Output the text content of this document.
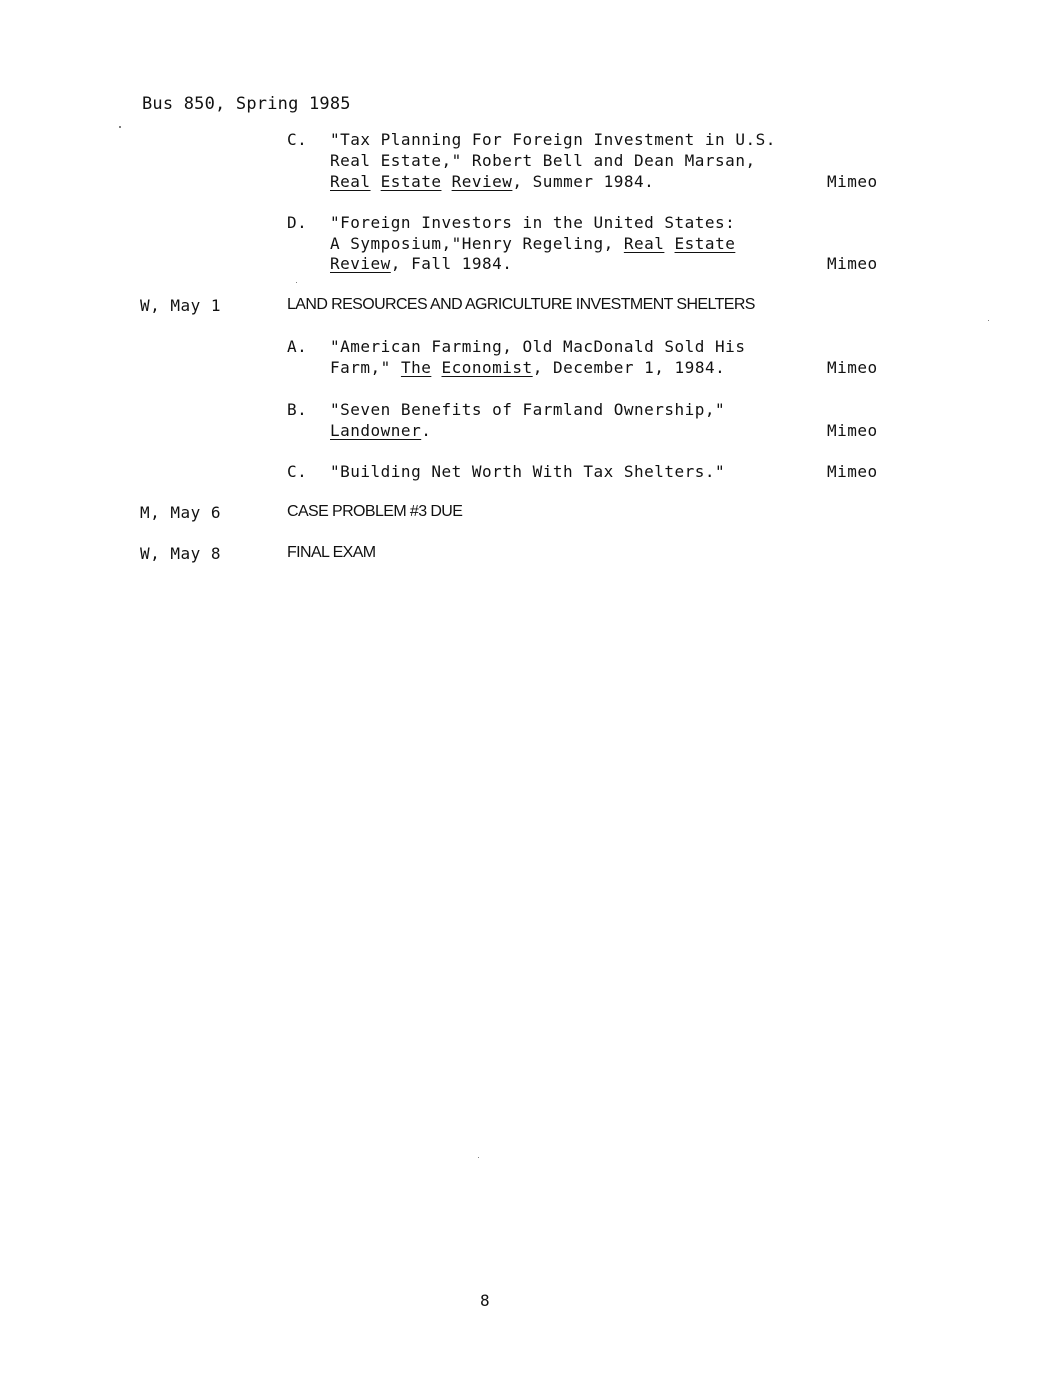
Bus 850, Spring 1985
C. "Tax Planning For Foreign Investment in U.S.
Real Estate," Robert Bell and Dean Marsan,
Real Estate Review, Summer 1984.	Mimeo
D. "Foreign Investors in the United States:
A Symposium,"Henry Regeling, Real Estate
Review, Fall 1984.	Mimeo
W, May 1	LAND RESOURCES AND AGRICULTURE INVESTMENT SHELTERS
A. "American Farming, Old MacDonald Sold His
Farm," The Economist, December 1, 1984.	Mimeo
B. "Seven Benefits of Farmland Ownership,"
Landowner.	Mimeo
C. "Building Net Worth With Tax Shelters."	Mimeo
M, May 6	CASE PROBLEM #3 DUE
W, May 8	FINAL EXAM
8
